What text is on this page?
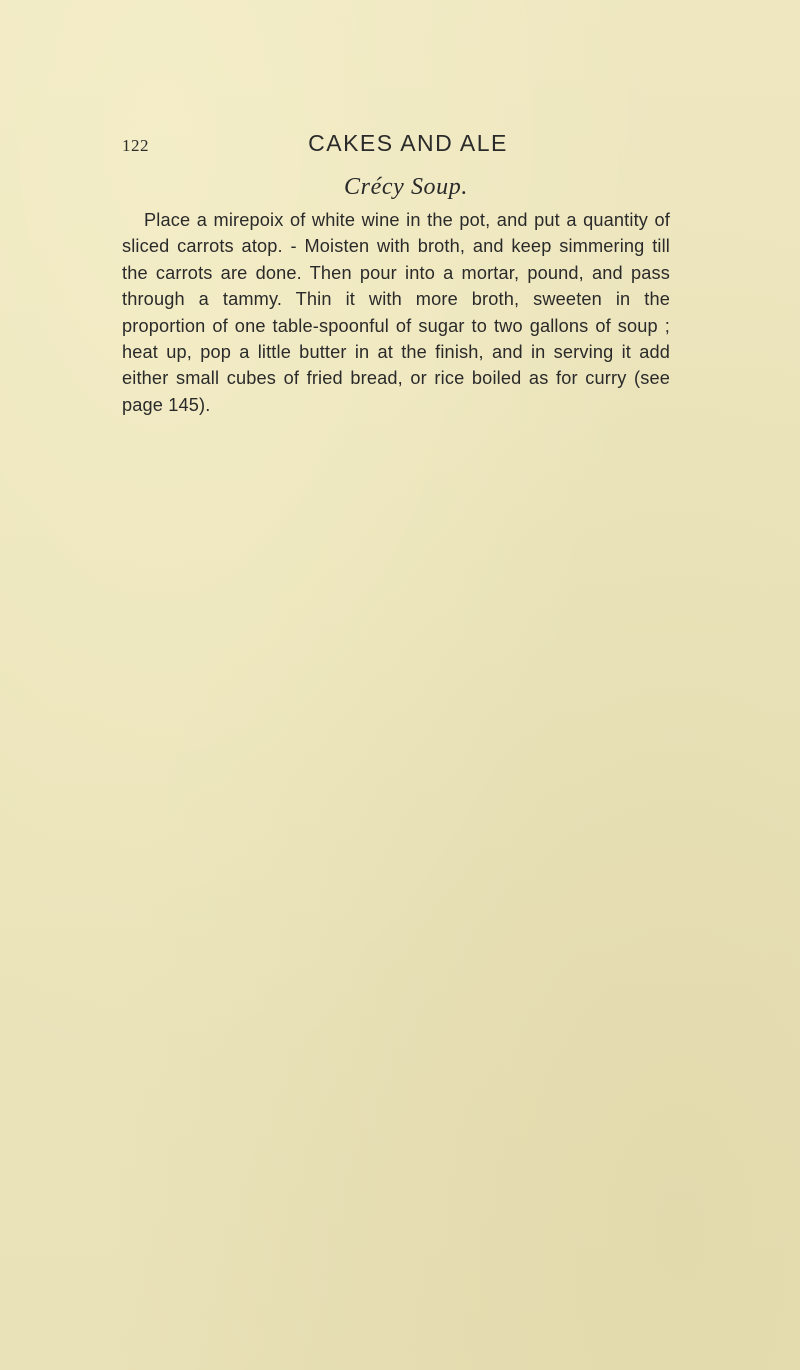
122	CAKES AND ALE
Crécy Soup.

Place a mirepoix of white wine in the pot, and put a quantity of sliced carrots atop. - Moisten with broth, and keep simmering till the carrots are done. Then pour into a mortar, pound, and pass through a tammy. Thin it with more broth, sweeten in the proportion of one table-spoonful of sugar to two gallons of soup ; heat up, pop a little butter in at the finish, and in serving it add either small cubes of fried bread, or rice boiled as for curry (see page 145).
